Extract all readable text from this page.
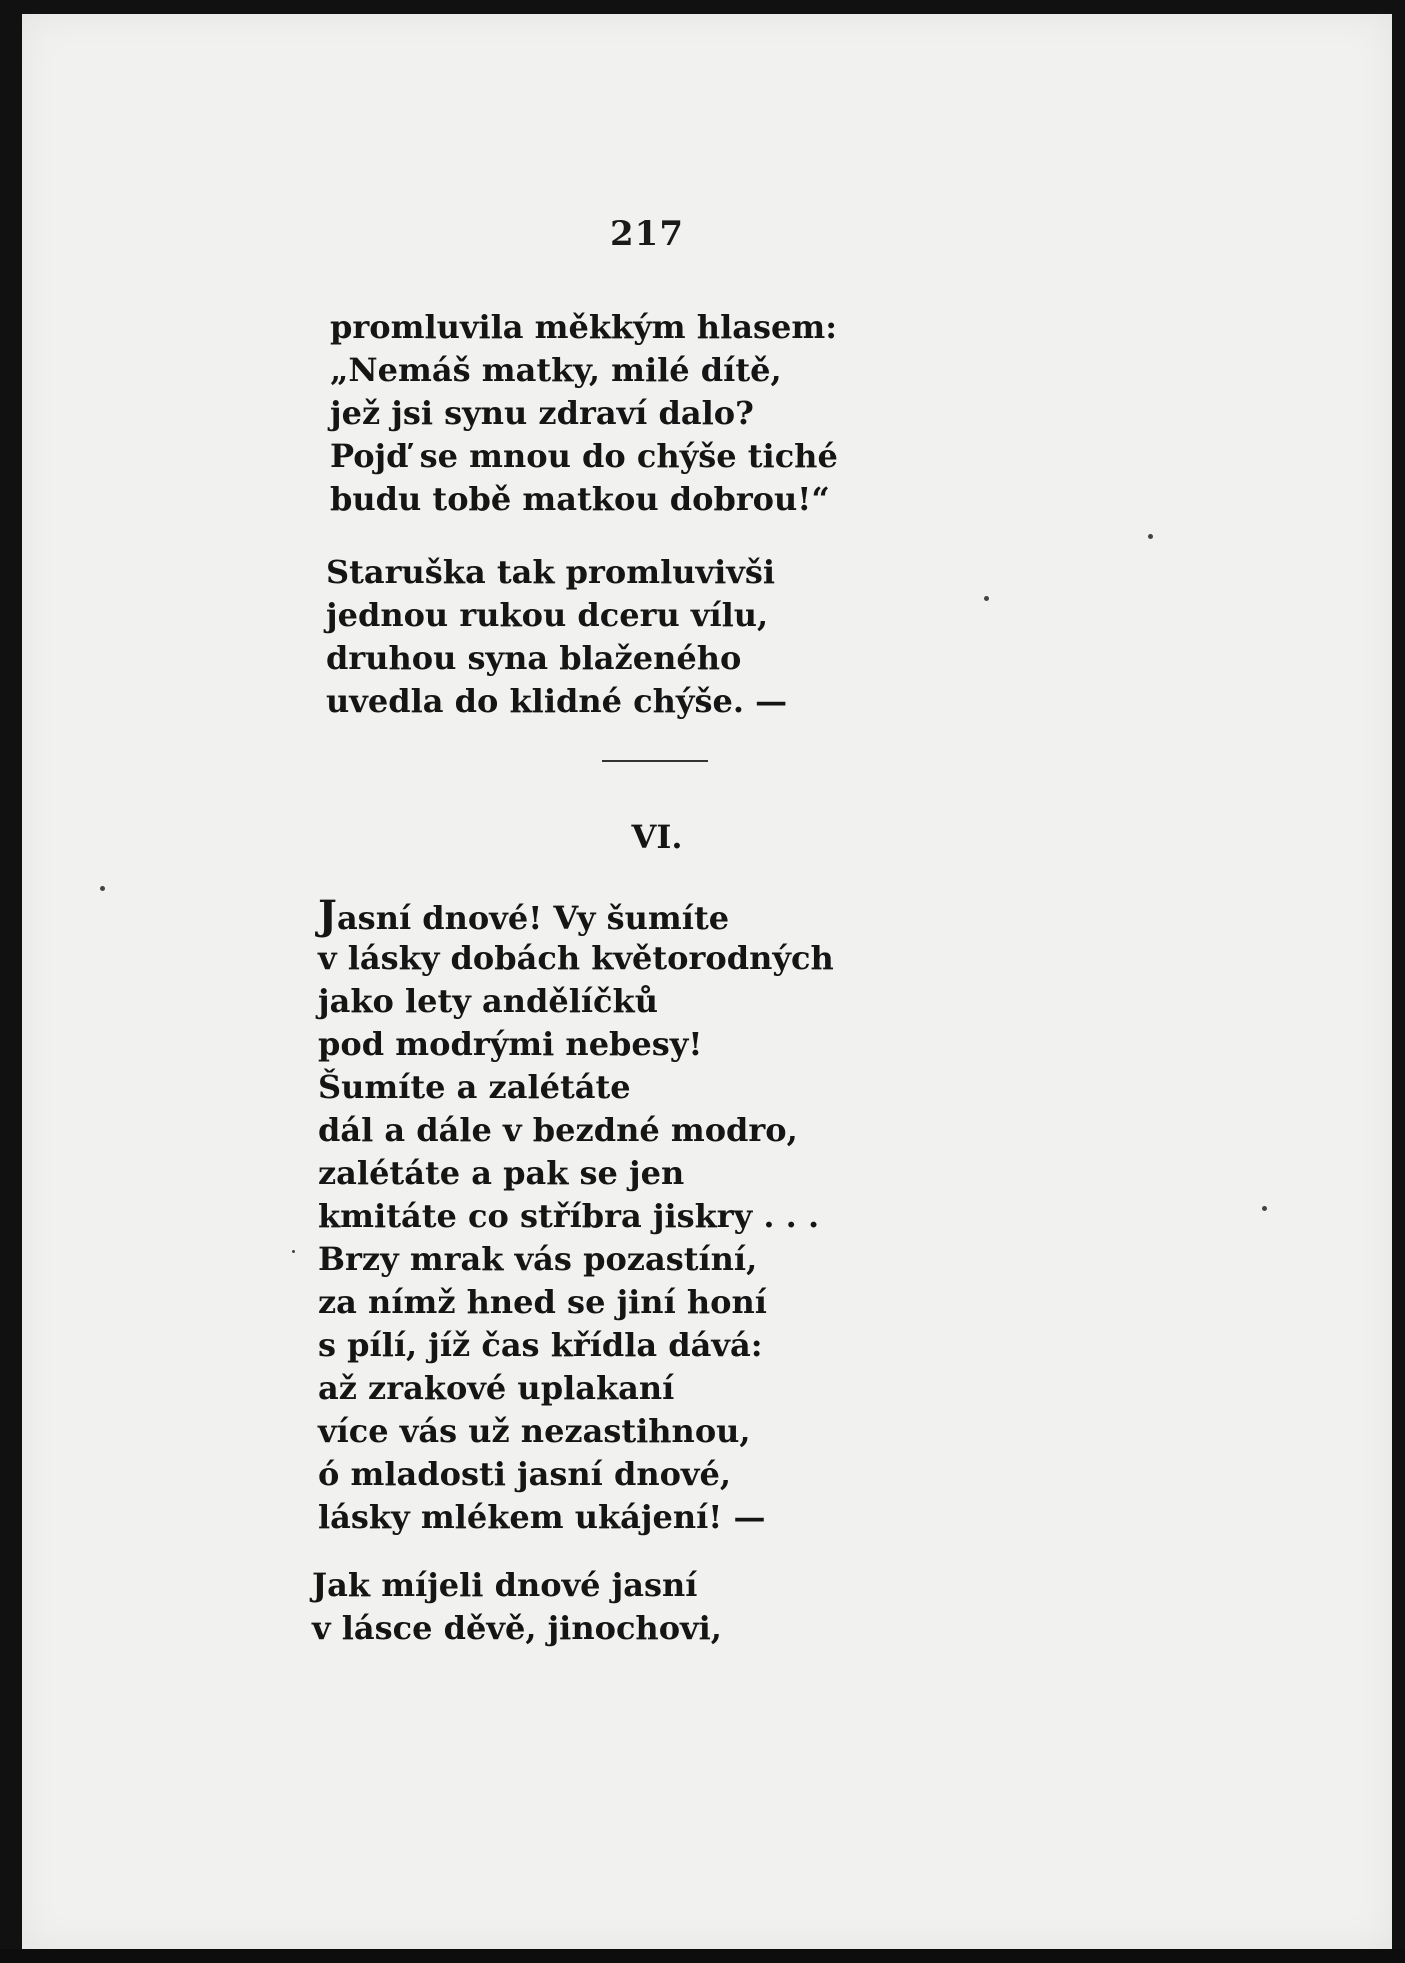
217
promluvila měkkým hlasem:
„Nemáš matky, milé dítě,
jež jsi synu zdraví dalo?
Pojď se mnou do chýše tiché
budu tobě matkou dobrou!“
Staruška tak promluvivši
jednou rukou dceru vílu,
druhou syna blaženého
uvedla do klidné chýše. —
VI.
Jasní dnové! Vy šumíte
v lásky dobách květorodných
jako lety andělíčků
pod modrými nebesy!
Šumíte a zalétáte
dál a dále v bezdné modro,
zalétáte a pak se jen
kmitáte co stříbra jiskry . . .
Brzy mrak vás pozastíní,
za nímž hned se jiní honí
s pílí, jíž čas křídla dává:
až zrakové uplakaní
více vás už nezastihnou,
ó mladosti jasní dnové,
lásky mlékem ukájení! —
Jak míjeli dnové jasní
v lásce děvě, jinochovi,
